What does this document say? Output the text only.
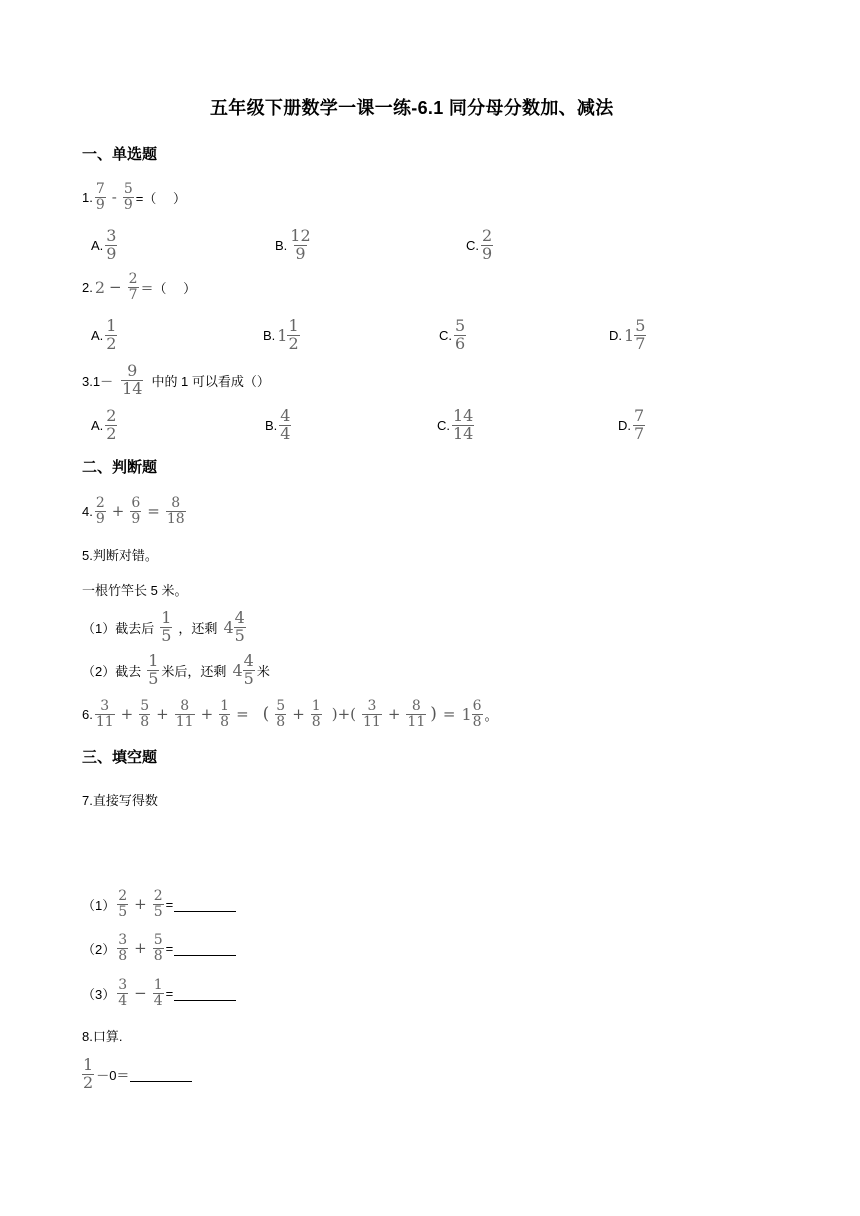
五年级下册数学一课一练-6.1 同分母分数加、减法
一、单选题
1. $\frac{7}{9} - \frac{5}{9}$ =（　 ）
A. $\frac{3}{9}$	B. $\frac{12}{9}$	C. $\frac{2}{9}$
2. $2 - \frac{2}{7}$ ＝（　 ）
A. $\frac{1}{2}$	B. $1 \frac{1}{2}$	C. $\frac{5}{6}$	D. $1 \frac{5}{7}$
$3.1- \frac{9}{14}$ 中的 1 可以看成（）
A. $\frac{2}{2}$	B. $\frac{4}{4}$	C. $\frac{14}{14}$	D. $\frac{7}{7}$
二、判断题
4. $\frac{2}{9} + \frac{6}{9} = \frac{8}{18}$
5.判断对错。
一根竹竿长 5 米。
（1）截去后 $\frac{1}{5}$ ，还剩 $4 \frac{4}{5}$
（2）截去 $\frac{1}{5}$ 米后，还剩 $4 \frac{4}{5}$ 米
6. $\frac{3}{11} + \frac{5}{8} + \frac{8}{11} + \frac{1}{8}$ = ( $\frac{5}{8} + \frac{1}{8}$ )+( $\frac{3}{11} + \frac{8}{11}$ ) = $1 \frac{6}{8}$ 。
三、填空题
7.直接写得数
$(1) \frac{2}{5} + \frac{2}{5}$ =
$(2) \frac{3}{8} + \frac{5}{8}$ =
$(3) \frac{3}{4} - \frac{1}{4}$ =
8.口算.
$\frac{1}{2} -0=$
